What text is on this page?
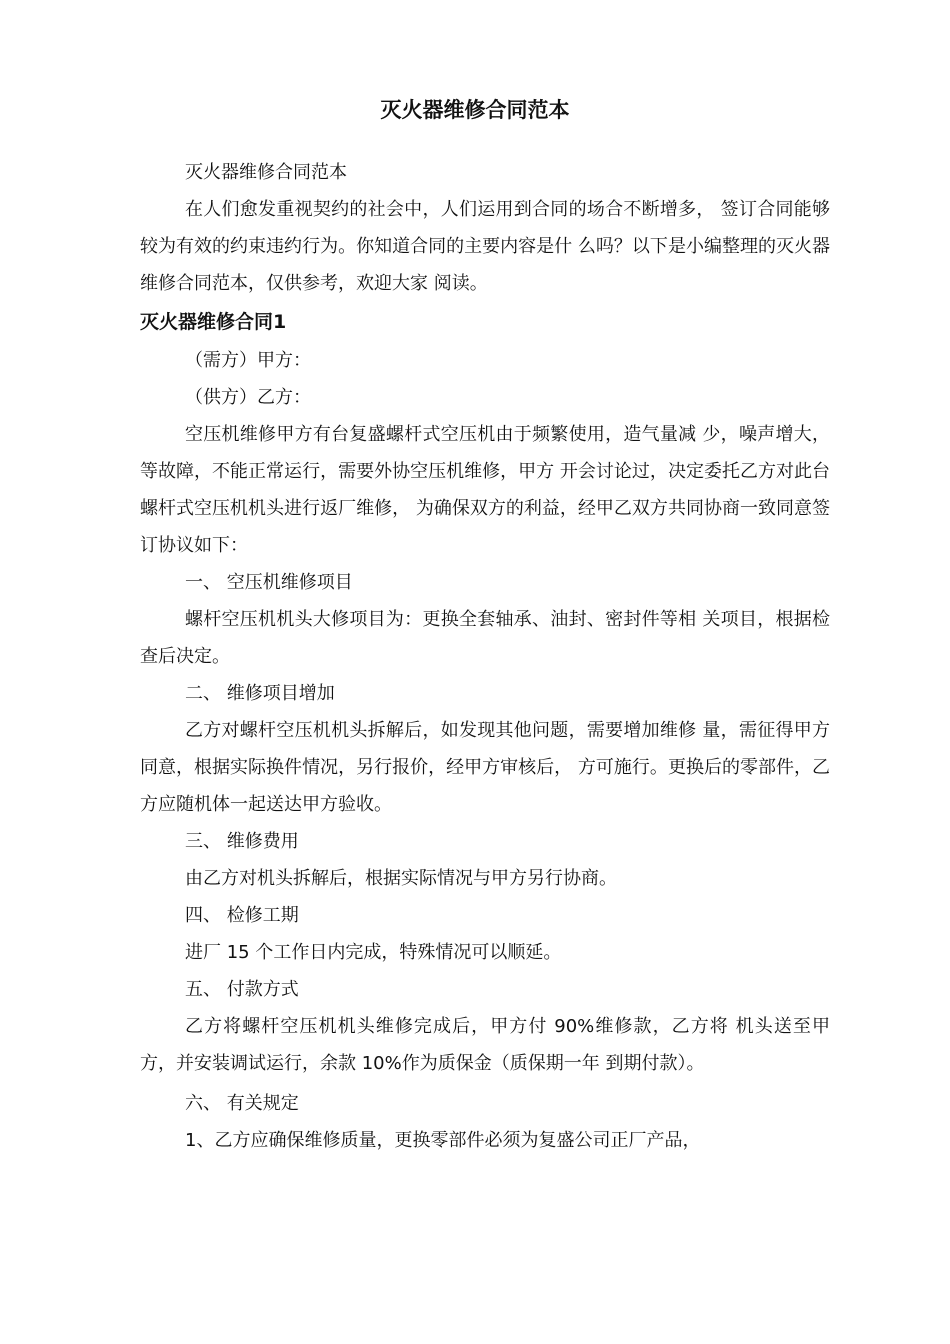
灭火器维修合同范本

灭火器维修合同范本

在人们愈发重视契约的社会中，人们运用到合同的场合不断增多， 签订合同能够较为有效的约束违约行为。你知道合同的主要内容是什 么吗？以下是小编整理的灭火器维修合同范本，仅供参考，欢迎大家 阅读。

灭火器维修合同1

（需方）甲方：

（供方）乙方：

空压机维修甲方有台复盛螺杆式空压机由于频繁使用，造气量减 少，噪声增大，等故障，不能正常运行，需要外协空压机维修，甲方 开会讨论过，决定委托乙方对此台螺杆式空压机机头进行返厂维修， 为确保双方的利益，经甲乙双方共同协商一致同意签订协议如下：

一、 空压机维修项目

螺杆空压机机头大修项目为：更换全套轴承、油封、密封件等相 关项目，根据检查后决定。

二、 维修项目增加

乙方对螺杆空压机机头拆解后，如发现其他问题，需要增加维修 量，需征得甲方同意，根据实际换件情况，另行报价，经甲方审核后， 方可施行。更换后的零部件，乙方应随机体一起送达甲方验收。

三、 维修费用

由乙方对机头拆解后，根据实际情况与甲方另行协商。

四、 检修工期

进厂 15 个工作日内完成，特殊情况可以顺延。

五、 付款方式

乙方将螺杆空压机机头维修完成后，甲方付 90%维修款，乙方将 机头送至甲方，并安装调试运行，余款 10%作为质保金（质保期一年 到期付款）。

六、 有关规定

1、乙方应确保维修质量，更换零部件必须为复盛公司正厂产品，
